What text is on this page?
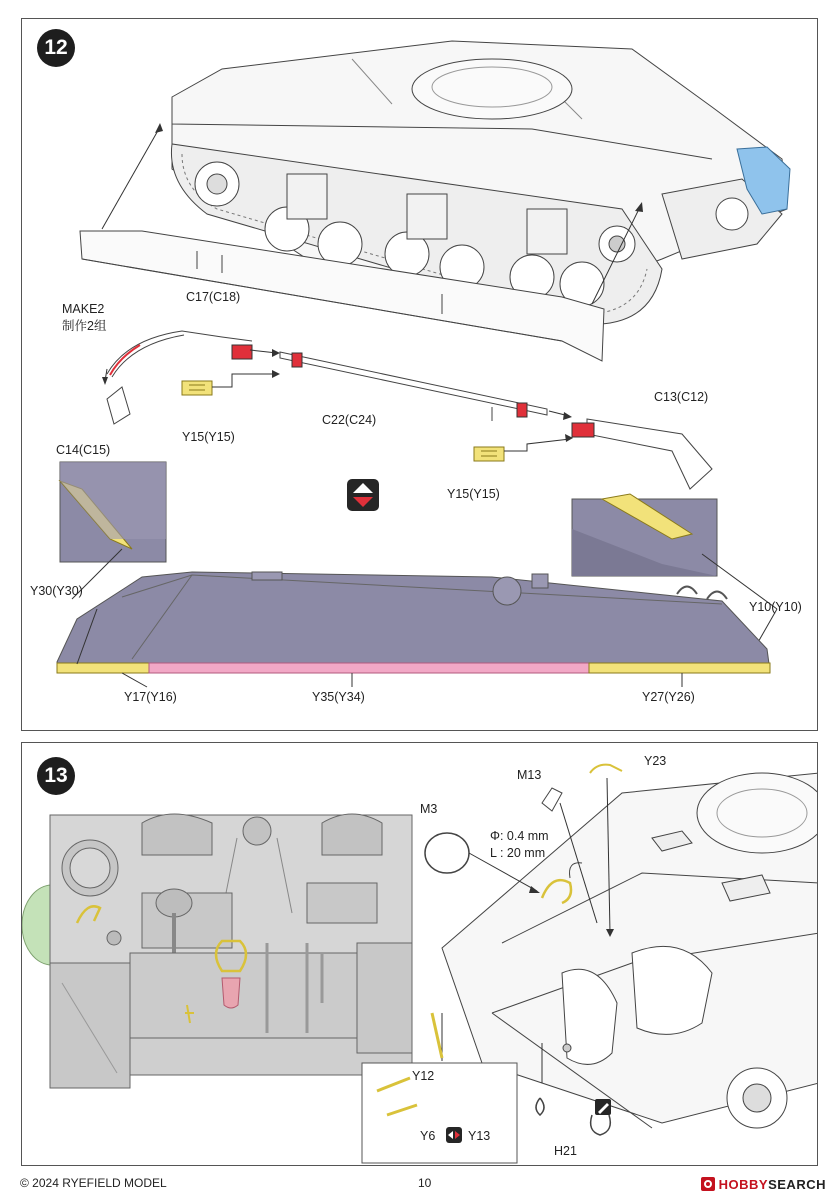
12
MAKE2
制作2组
C17(C18)
C14(C15)
Y15(Y15)
C22(C24)
C13(C12)
Y15(Y15)
Y30(Y30)
Y10(Y10)
Y17(Y16)	Y35(Y34)	Y27(Y26)
13	M13
Y23
M3
Φ: 0.4 mm
L : 20 mm
Y12
Y6	Y13
H21
© 2024 RYEFIELD MODEL	10	HOBBYSEARCH
